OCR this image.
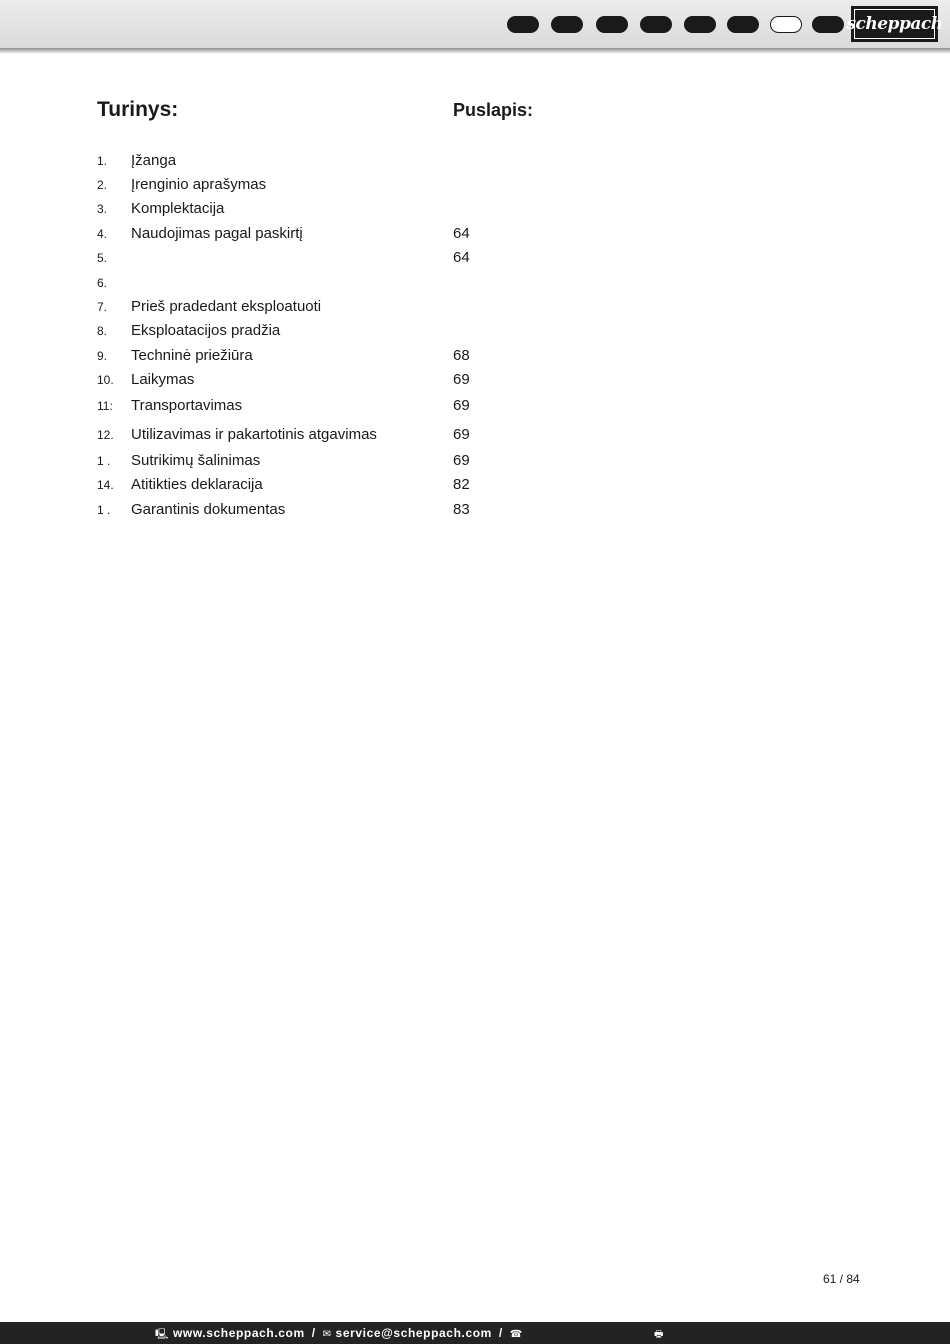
scheppach
Turinys:	Puslapis:
1. Įžanga
2. Įrenginio aprašymas
3. Komplektacija
4. Naudojimas pagal paskirtį	64
5.	64
6.
7. Prieš pradedant eksploatuoti
8. Eksploatacijos pradžia
9. Techninė priežiūra	68
10. Laikymas	69
11: Transportavimas	69
12. Utilizavimas ir pakartotinis atgavimas	69
1 . Sutrikimų šalinimas	69
14. Atitikties deklaracija	82
1 . Garantinis dokumentas	83
61 / 84
🖳 www.scheppach.com / ✉ service@scheppach.com / ☎	🖶
